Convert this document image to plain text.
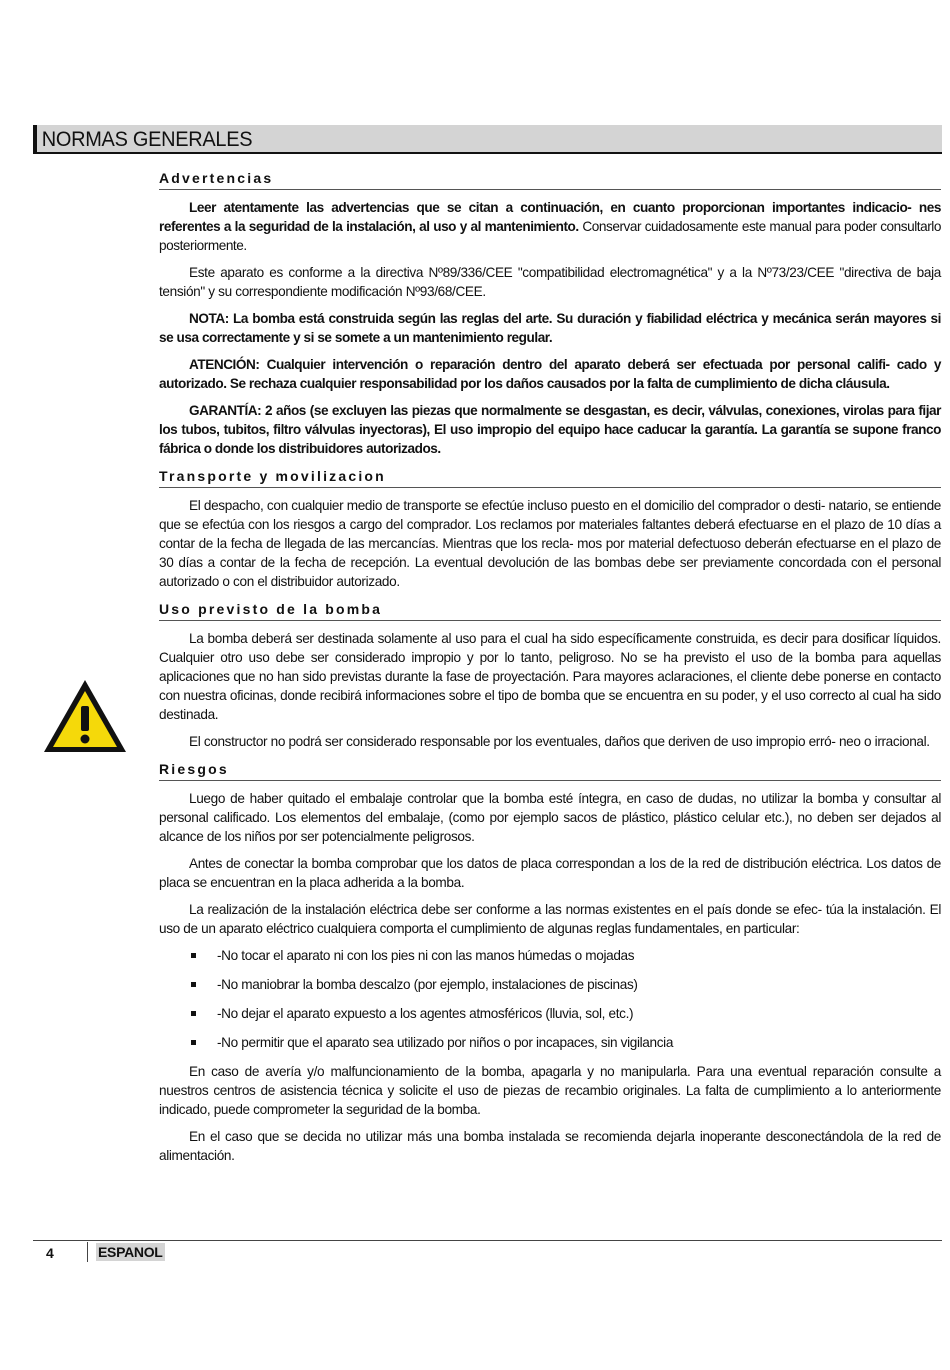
NORMAS GENERALES
Advertencias

Leer atentamente las advertencias que se citan a continuación, en cuanto proporcionan importantes indicacio- nes referentes a la seguridad de la instalación, al uso y al mantenimiento. Conservar cuidadosamente este manual para poder consultarlo posteriormente.

Este aparato es conforme a la directiva Nº89/336/CEE "compatibilidad electromagnética" y a la Nº73/23/CEE "directiva de baja tensión" y su correspondiente modificación Nº93/68/CEE.

NOTA: La bomba está construida según las reglas del arte. Su duración y fiabilidad eléctrica y mecánica serán mayores si se usa correctamente y si se somete a un mantenimiento regular.

ATENCIÓN: Cualquier intervención o reparación dentro del aparato deberá ser efectuada por personal califi- cado y autorizado. Se rechaza cualquier responsabilidad por los daños causados por la falta de cumplimiento de dicha cláusula.

GARANTÍA: 2 años (se excluyen las piezas que normalmente se desgastan, es decir, válvulas, conexiones, virolas para fijar los tubos, tubitos, filtro válvulas inyectoras), El uso impropio del equipo hace caducar la garantía. La garantía se supone franco fábrica o donde los distribuidores autorizados.

Transporte y movilizacion

El despacho, con cualquier medio de transporte se efectúe incluso puesto en el domicilio del comprador o desti- natario, se entiende que se efectúa con los riesgos a cargo del comprador. Los reclamos por materiales faltantes deberá efectuarse en el plazo de 10 días a contar de la fecha de llegada de las mercancías. Mientras que los recla- mos por material defectuoso deberán efectuarse en el plazo de 30 días a contar de la fecha de recepción. La eventual devolución de las bombas debe ser previamente concordada con el personal autorizado o con el distribuidor autorizado.

Uso previsto de la bomba

La bomba deberá ser destinada solamente al uso para el cual ha sido específicamente construida, es decir para dosificar líquidos. Cualquier otro uso debe ser considerado impropio y por lo tanto, peligroso. No se ha previsto el uso de la bomba para aquellas aplicaciones que no han sido previstas durante la fase de proyectación. Para mayores aclaraciones, el cliente debe ponerse en contacto con nuestra oficinas, donde recibirá informaciones sobre el tipo de bomba que se encuentra en su poder, y el uso correcto al cual ha sido destinada.

El constructor no podrá ser considerado responsable por los eventuales, daños que deriven de uso impropio erró- neo o irracional.

Riesgos

Luego de haber quitado el embalaje controlar que la bomba esté íntegra, en caso de dudas, no utilizar la bomba y consultar al personal calificado. Los elementos del embalaje, (como por ejemplo sacos de plástico, plástico celular etc.), no deben ser dejados al alcance de los niños por ser potencialmente peligrosos.

Antes de conectar la bomba comprobar que los datos de placa correspondan a los de la red de distribución eléctrica. Los datos de placa se encuentran en la placa adherida a la bomba.

La realización de la instalación eléctrica debe ser conforme a las normas existentes en el país donde se efec- túa la instalación. El uso de un aparato eléctrico cualquiera comporta el cumplimiento de algunas reglas fundamentales, en particular:

-No tocar el aparato ni con los pies ni con las manos húmedas o mojadas
-No maniobrar la bomba descalzo (por ejemplo, instalaciones de piscinas)
-No dejar el aparato expuesto a los agentes atmosféricos (lluvia, sol, etc.)
-No permitir que el aparato sea utilizado por niños o por incapaces, sin vigilancia

En caso de avería y/o malfuncionamiento de la bomba, apagarla y no manipularla. Para una eventual reparación consulte a nuestros centros de asistencia técnica y solicite el uso de piezas de recambio originales. La falta de cumplimiento a lo anteriormente indicado, puede comprometer la seguridad de la bomba.

En el caso que se decida no utilizar más una bomba instalada se recomienda dejarla inoperante desconectándola de la red de alimentación.

4	ESPANOL
